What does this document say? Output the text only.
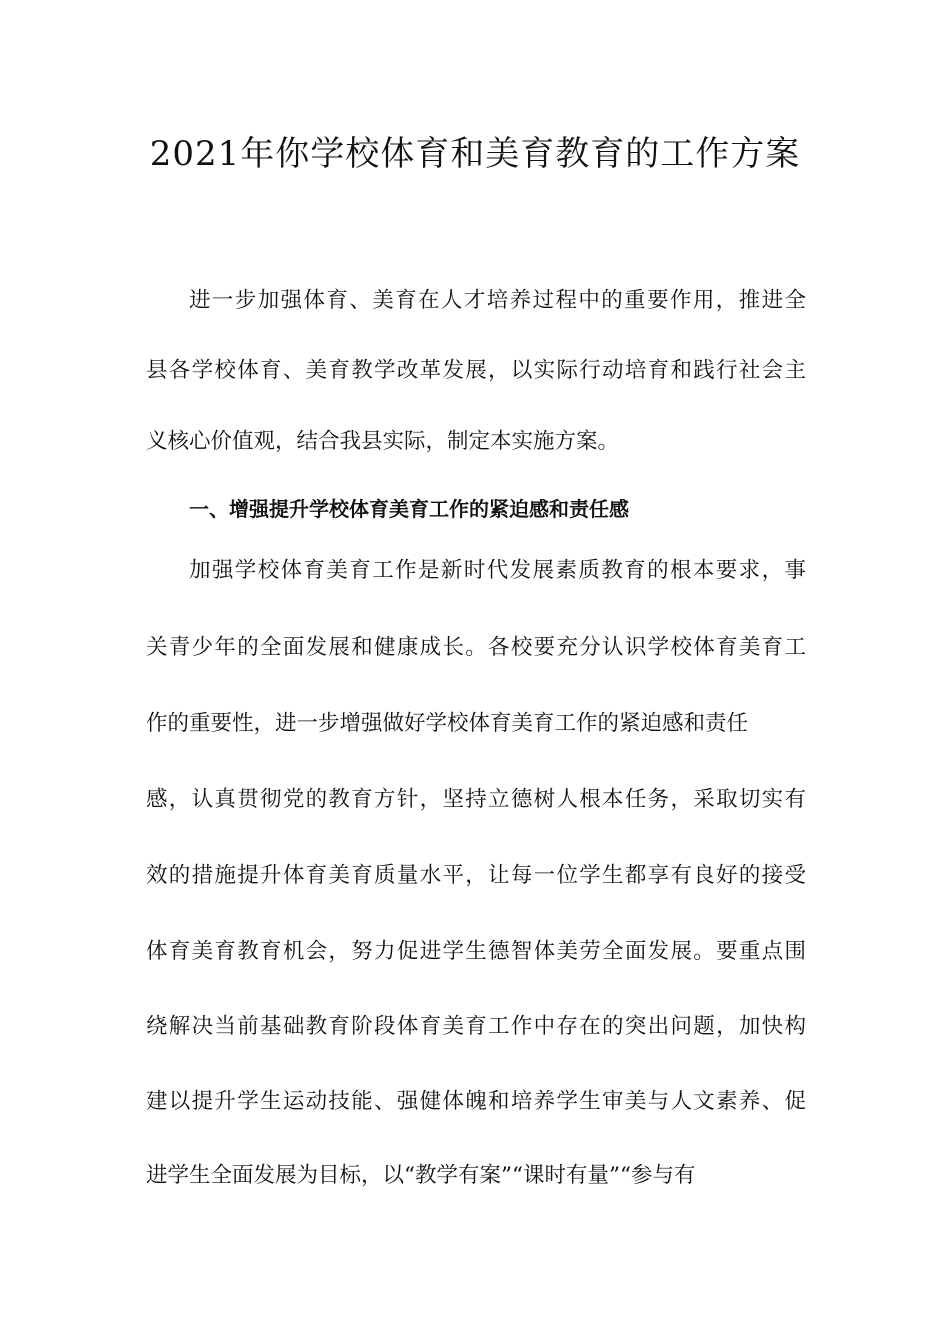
2021年你学校体育和美育教育的工作方案

进一步加强体育、美育在人才培养过程中的重要作用，推进全

县各学校体育、美育教学改革发展，以实际行动培育和践行社会主

义核心价值观，结合我县实际，制定本实施方案。

一、增强提升学校体育美育工作的紧迫感和责任感

加强学校体育美育工作是新时代发展素质教育的根本要求，事

关青少年的全面发展和健康成长。各校要充分认识学校体育美育工

作的重要性，进一步增强做好学校体育美育工作的紧迫感和责任

感，认真贯彻党的教育方针，坚持立德树人根本任务，采取切实有

效的措施提升体育美育质量水平，让每一位学生都享有良好的接受

体育美育教育机会，努力促进学生德智体美劳全面发展。要重点围

绕解决当前基础教育阶段体育美育工作中存在的突出问题，加快构

建以提升学生运动技能、强健体魄和培养学生审美与人文素养、促

进学生全面发展为目标，以“教学有案”“课时有量”“参与有
